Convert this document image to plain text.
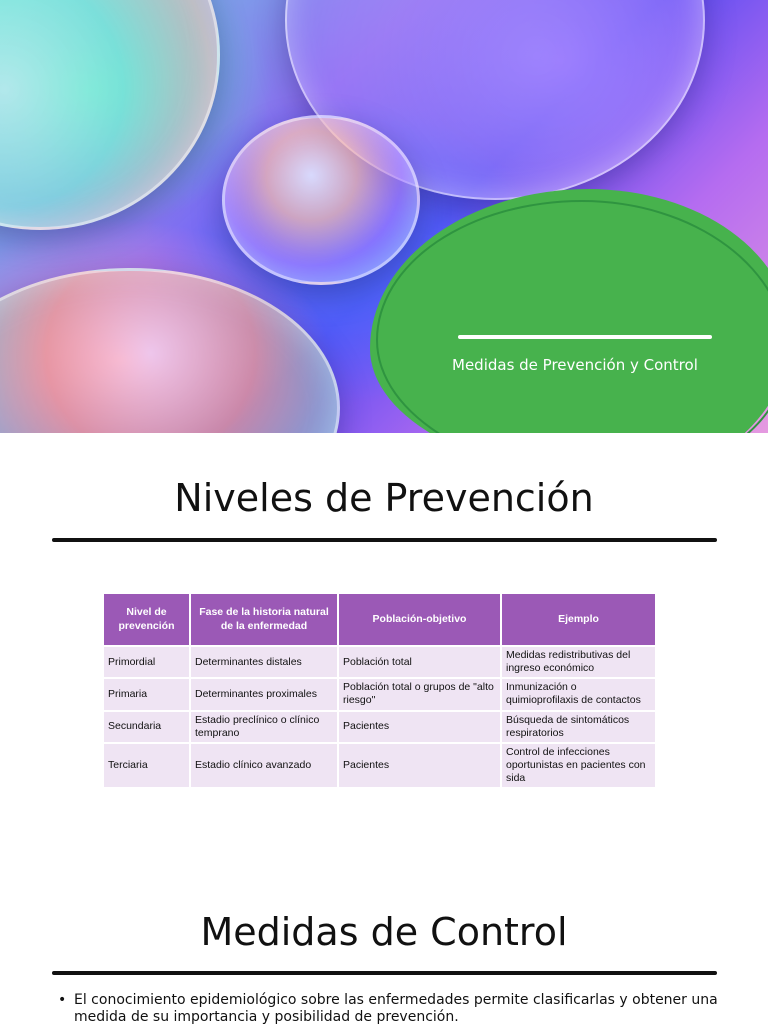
Medidas de Prevención y Control
Niveles de Prevención
Nivel de prevención	Fase de la historia natural de la enfermedad	Población-objetivo	Ejemplo
Primordial	Determinantes distales	Población total	Medidas redistributivas del ingreso económico
Primaria	Determinantes proximales	Población total o grupos de "alto riesgo"	Inmunización o quimioprofilaxis de contactos
Secundaria	Estadio preclínico o clínico temprano	Pacientes	Búsqueda de sintomáticos respiratorios
Terciaria	Estadio clínico avanzado	Pacientes	Control de infecciones oportunistas en pacientes con sida
Medidas de Control
• El conocimiento epidemiológico sobre las enfermedades permite clasificarlas y obtener una medida de su importancia y posibilidad de prevención.
